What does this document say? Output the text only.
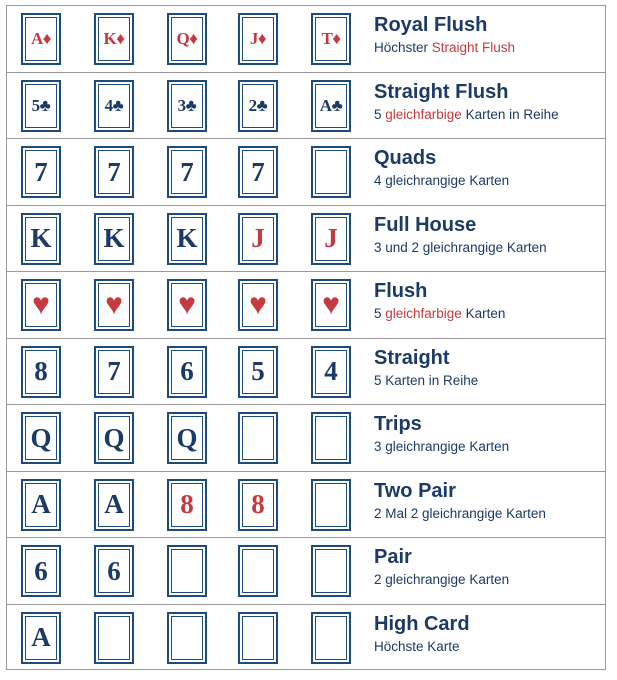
A ♦	K ♦	Q ♦	J ♦	T ♦
Royal Flush
Höchster Straight Flush
5 ♣	4 ♣	3 ♣	2 ♣	A ♣
Straight Flush
5 gleichfarbige Karten in Reihe
7 7 7 7	Quads
4 gleichrangige Karten
K K K J J Full House
3 und 2 gleichrangige Karten
♥ ♥ ♥ ♥ ♥ Flush
5 gleichfarbige Karten
8 7 6 5 4 Straight
5 Karten in Reihe
Q Q Q	Trips
3 gleichrangige Karten
A A 8 8	Two Pair
2 Mal 2 gleichrangige Karten
6 6	Pair
2 gleichrangige Karten
A	High Card
Höchste Karte
